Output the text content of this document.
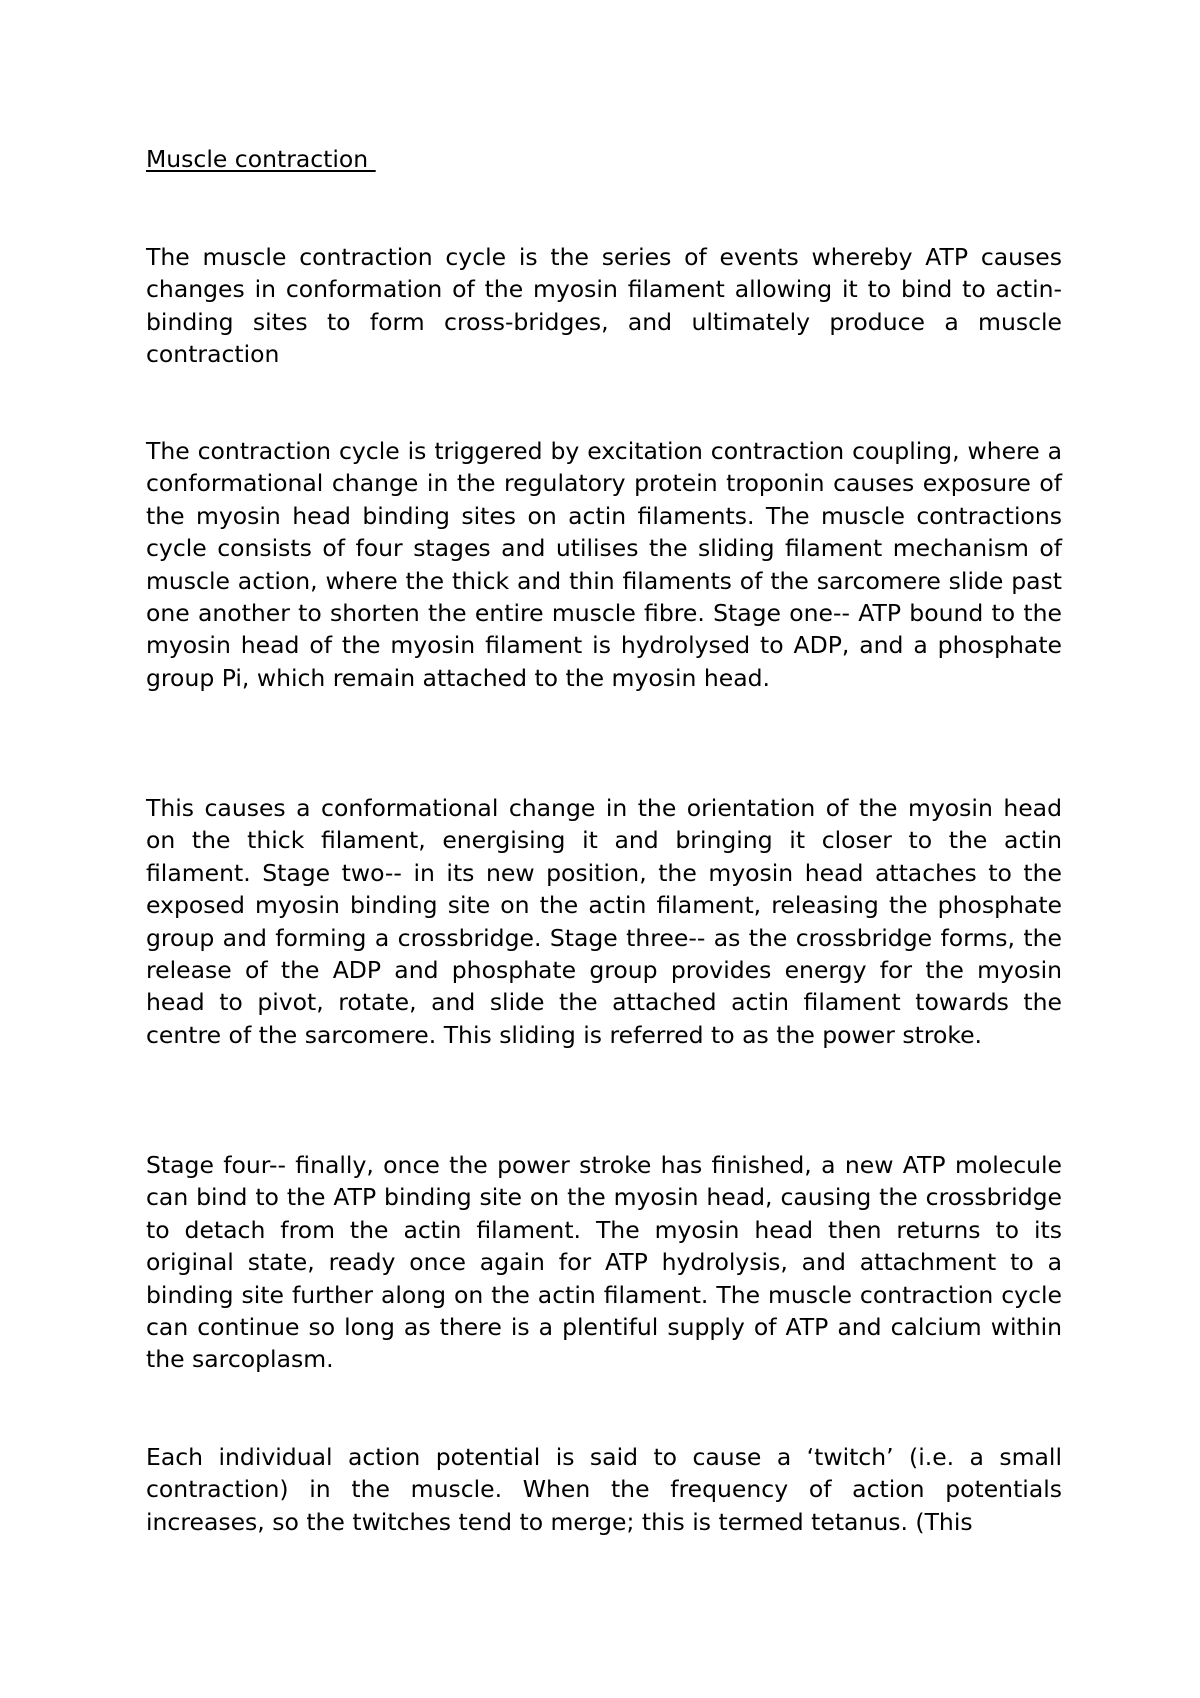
Muscle contraction

The muscle contraction cycle is the series of events whereby ATP causes changes in conformation of the myosin filament allowing it to bind to actin-binding sites to form cross-bridges, and ultimately produce a muscle contraction

The contraction cycle is triggered by excitation contraction coupling, where a conformational change in the regulatory protein troponin causes exposure of the myosin head binding sites on actin filaments. The muscle contractions cycle consists of four stages and utilises the sliding filament mechanism of muscle action, where the thick and thin filaments of the sarcomere slide past one another to shorten the entire muscle fibre. Stage one-- ATP bound to the myosin head of the myosin filament is hydrolysed to ADP, and a phosphate group Pi, which remain attached to the myosin head.

This causes a conformational change in the orientation of the myosin head on the thick filament, energising it and bringing it closer to the actin filament. Stage two-- in its new position, the myosin head attaches to the exposed myosin binding site on the actin filament, releasing the phosphate group and forming a crossbridge. Stage three-- as the crossbridge forms, the release of the ADP and phosphate group provides energy for the myosin head to pivot, rotate, and slide the attached actin filament towards the centre of the sarcomere. This sliding is referred to as the power stroke.

Stage four-- finally, once the power stroke has finished, a new ATP molecule can bind to the ATP binding site on the myosin head, causing the crossbridge to detach from the actin filament. The myosin head then returns to its original state, ready once again for ATP hydrolysis, and attachment to a binding site further along on the actin filament. The muscle contraction cycle can continue so long as there is a plentiful supply of ATP and calcium within the sarcoplasm.

Each individual action potential is said to cause a ‘twitch’ (i.e. a small contraction) in the muscle. When the frequency of action potentials increases, so the twitches tend to merge; this is termed tetanus. (This
